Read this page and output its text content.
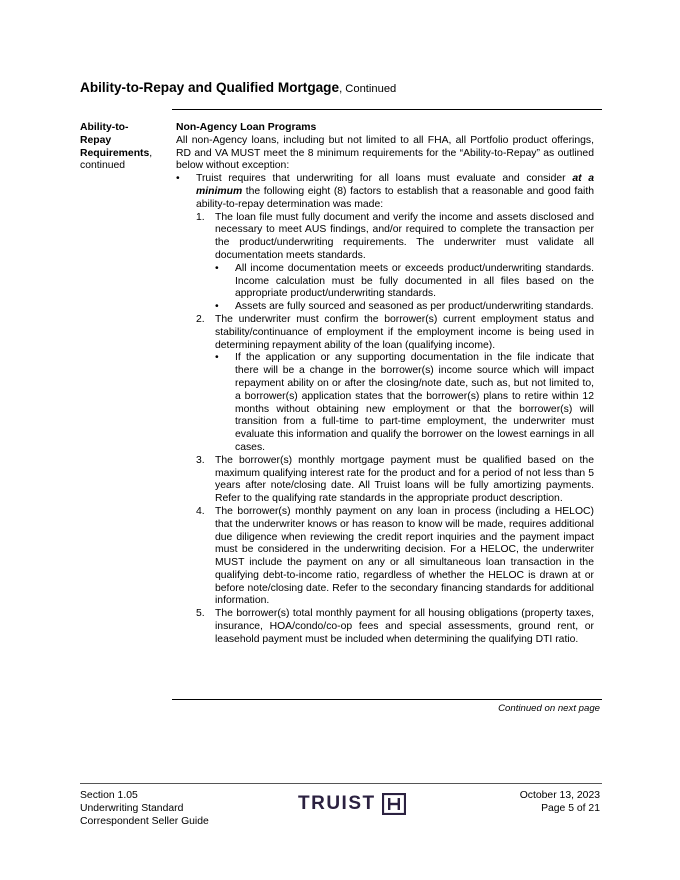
Ability-to-Repay and Qualified Mortgage, Continued
Ability-to-
Repay
Requirements,
continued

Non-Agency Loan Programs

All non-Agency loans, including but not limited to all FHA, all Portfolio product offerings, RD and VA MUST meet the 8 minimum requirements for the “Ability-to-Repay” as outlined below without exception:

•	Truist requires that underwriting for all loans must evaluate and consider at a minimum the following eight (8) factors to establish that a reasonable and good faith ability-to-repay determination was made:
1. The loan file must fully document and verify the income and assets disclosed and necessary to meet AUS findings, and/or required to complete the transaction per the product/underwriting requirements. The underwriter must validate all documentation meets standards.
•	All income documentation meets or exceeds product/underwriting standards. Income calculation must be fully documented in all files based on the appropriate product/underwriting standards.
•	Assets are fully sourced and seasoned as per product/underwriting standards.
2. The underwriter must confirm the borrower(s) current employment status and stability/continuance of employment if the employment income is being used in determining repayment ability of the loan (qualifying income).
•	If the application or any supporting documentation in the file indicate that there will be a change in the borrower(s) income source which will impact repayment ability on or after the closing/note date, such as, but not limited to, a borrower(s) application states that the borrower(s) plans to retire within 12 months without obtaining new employment or that the borrower(s) will transition from a full-time to part-time employment, the underwriter must evaluate this information and qualify the borrower on the lowest earnings in all cases.
3. The borrower(s) monthly mortgage payment must be qualified based on the maximum qualifying interest rate for the product and for a period of not less than 5 years after note/closing date. All Truist loans will be fully amortizing payments. Refer to the qualifying rate standards in the appropriate product description.
4. The borrower(s) monthly payment on any loan in process (including a HELOC) that the underwriter knows or has reason to know will be made, requires additional due diligence when reviewing the credit report inquiries and the payment impact must be considered in the underwriting decision. For a HELOC, the underwriter MUST include the payment on any or all simultaneous loan transaction in the qualifying debt-to-income ratio, regardless of whether the HELOC is drawn at or before note/closing date. Refer to the secondary financing standards for additional information.
5. The borrower(s) total monthly payment for all housing obligations (property taxes, insurance, HOA/condo/co-op fees and special assessments, ground rent, or leasehold payment must be included when determining the qualifying DTI ratio.
Continued on next page
Section 1.05
Underwriting Standard
Correspondent Seller Guide
TRUIST	October 13, 2023
Page 5 of 21
